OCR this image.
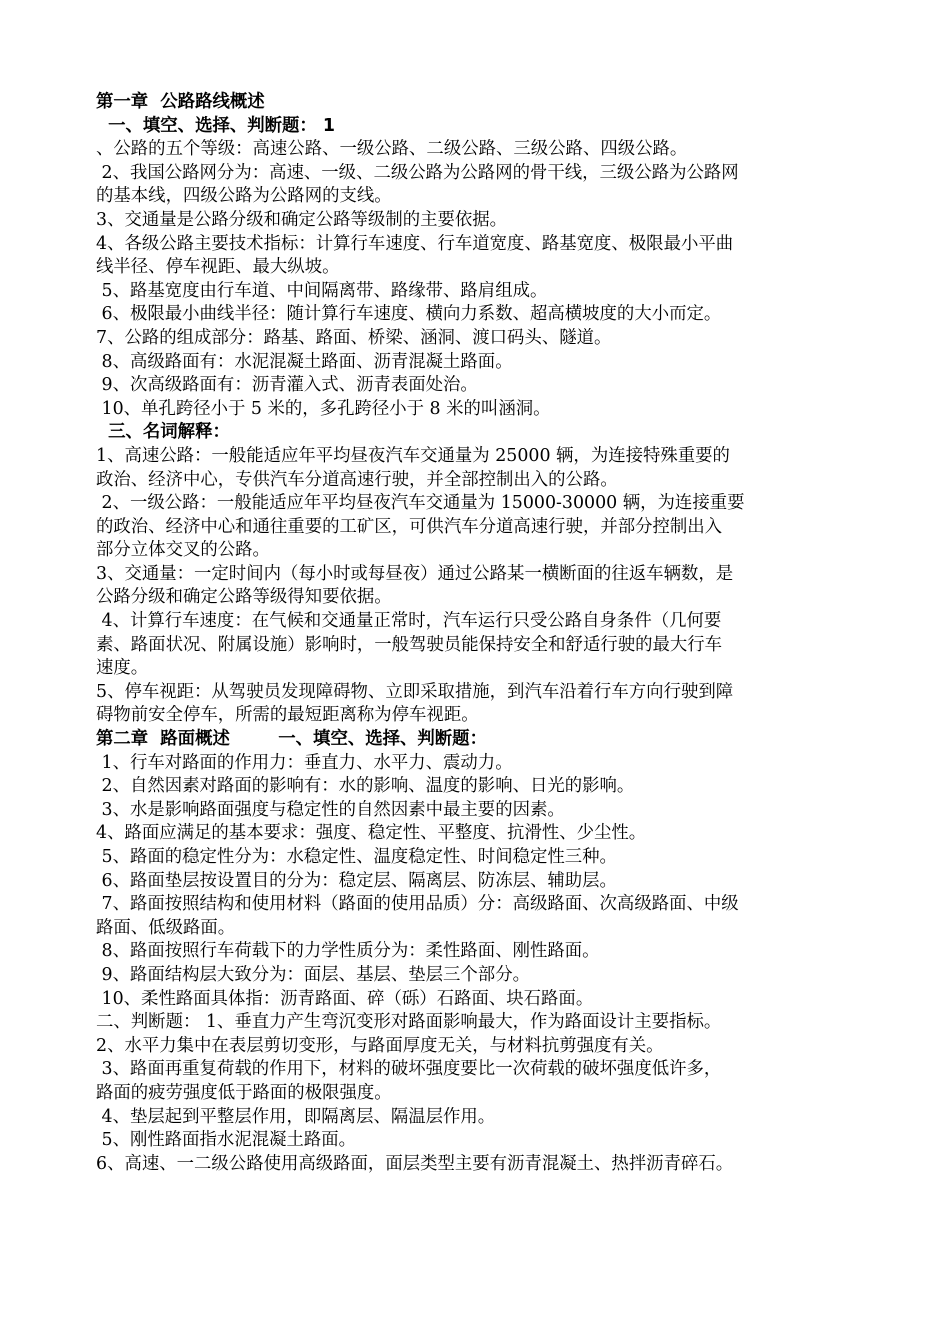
第一章  公路路线概述
一、填空、选择、判断题： 1
、公路的五个等级：高速公路、一级公路、二级公路、三级公路、四级公路。
2、我国公路网分为：高速、一级、二级公路为公路网的骨干线，三级公路为公路网
的基本线，四级公路为公路网的支线。
3、交通量是公路分级和确定公路等级制的主要依据。
4、各级公路主要技术指标：计算行车速度、行车道宽度、路基宽度、极限最小平曲
线半径、停车视距、最大纵坡。
5、路基宽度由行车道、中间隔离带、路缘带、路肩组成。
6、极限最小曲线半径：随计算行车速度、横向力系数、超高横坡度的大小而定。
7、公路的组成部分：路基、路面、桥梁、涵洞、渡口码头、隧道。
8、高级路面有：水泥混凝土路面、沥青混凝土路面。
9、次高级路面有：沥青灌入式、沥青表面处治。
10、单孔跨径小于 5 米的，多孔跨径小于 8 米的叫涵洞。
三、名词解释：
1、高速公路：一般能适应年平均昼夜汽车交通量为 25000 辆，为连接特殊重要的
政治、经济中心，专供汽车分道高速行驶，并全部控制出入的公路。
2、一级公路：一般能适应年平均昼夜汽车交通量为 15000-30000 辆，为连接重要
的政治、经济中心和通往重要的工矿区，可供汽车分道高速行驶，并部分控制出入
部分立体交叉的公路。
3、交通量：一定时间内（每小时或每昼夜）通过公路某一横断面的往返车辆数，是
公路分级和确定公路等级得知要依据。
4、计算行车速度：在气候和交通量正常时，汽车运行只受公路自身条件（几何要
素、路面状况、附属设施）影响时，一般驾驶员能保持安全和舒适行驶的最大行车
速度。
5、停车视距：从驾驶员发现障碍物、立即采取措施，到汽车沿着行车方向行驶到障
碍物前安全停车，所需的最短距离称为停车视距。
第二章  路面概述        一、填空、选择、判断题：
1、行车对路面的作用力：垂直力、水平力、震动力。
2、自然因素对路面的影响有：水的影响、温度的影响、日光的影响。
3、水是影响路面强度与稳定性的自然因素中最主要的因素。
4、路面应满足的基本要求：强度、稳定性、平整度、抗滑性、少尘性。
5、路面的稳定性分为：水稳定性、温度稳定性、时间稳定性三种。
6、路面垫层按设置目的分为：稳定层、隔离层、防冻层、辅助层。
7、路面按照结构和使用材料（路面的使用品质）分：高级路面、次高级路面、中级
路面、低级路面。
8、路面按照行车荷载下的力学性质分为：柔性路面、刚性路面。
9、路面结构层大致分为：面层、基层、垫层三个部分。
10、柔性路面具体指：沥青路面、碎（砾）石路面、块石路面。
二、判断题： 1、垂直力产生弯沉变形对路面影响最大，作为路面设计主要指标。
2、水平力集中在表层剪切变形，与路面厚度无关，与材料抗剪强度有关。
3、路面再重复荷载的作用下，材料的破坏强度要比一次荷载的破坏强度低许多，
路面的疲劳强度低于路面的极限强度。
4、垫层起到平整层作用，即隔离层、隔温层作用。
5、刚性路面指水泥混凝土路面。
6、高速、一二级公路使用高级路面，面层类型主要有沥青混凝土、热拌沥青碎石。
